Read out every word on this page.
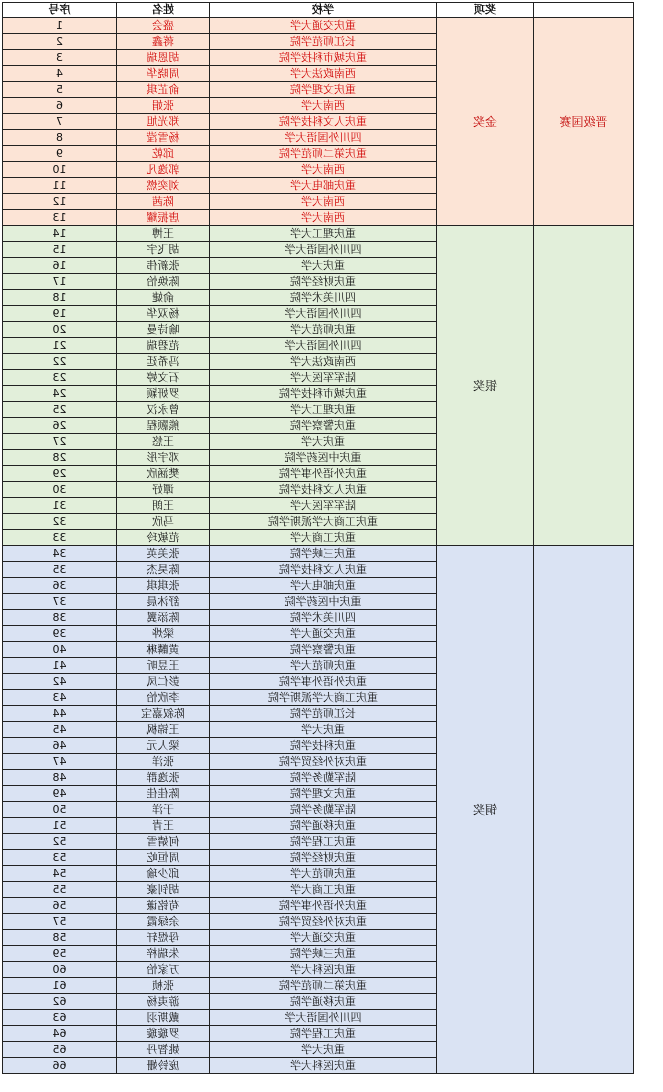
	奖项	学校	姓名	序号
晋级国赛	金奖	重庆交通大学	盛会	1
		长江师范学院	蒋鑫	2
		重庆城市科技学院	胡恩瑞	3
		西南政法大学	周晓华	4
		重庆文理学院	俞芷琪	5
		西南大学	张娟	6
		重庆人文科技学院	郑光旭	7
		四川外国语大学	杨雪滢	8
		重庆第二师范学院	邱乾	9
		西南大学	郭逸凡	10
		重庆邮电大学	刘奕燃	11
		西南大学	陈茜	12
		西南大学	唐振耀	13
	银奖	重庆理工大学	王博	14
		四川外国语大学	胡飞宇	15
		重庆大学	张新伟	16
		重庆财经学院	陈焕怡	17
		四川美术学院	俞婕	18
		四川外国语大学	杨双华	19
		重庆师范大学	喻诗曼	20
		四川外国语大学	范碧瑞	21
		西南政法大学	冯希廷	22
		陆军军医大学	石文婷	23
		重庆城市科技学院	罗妍颖	24
		重庆理工大学	曾永汉	25
		重庆警察学院	熊颢程	26
		重庆大学	王悠	27
		重庆中医药学院	邓宇彤	28
		重庆外语外事学院	樊涵欣	29
		重庆人文科技学院	谭妤	30
		陆军军医大学	王朗	31
		重庆工商大学派斯学院	马欣	32
		重庆工商大学	范敏玲	33
	铜奖	重庆三峡学院	张美英	34
		重庆人文科技学院	陈昊杰	35
		重庆邮电大学	张琪琪	36
		重庆中医药学院	舒沐晨	37
		四川美术学院	陈添翼	38
		重庆交通大学	梁烨	39
		重庆警察学院	黄麟琳	40
		重庆师范大学	王昱昕	41
		重庆外语外事学院	彭仁凤	42
		重庆工商大学派斯学院	李欣怡	43
		长江师范学院	陈叙嘉宝	44
		重庆大学	王锦枫	45
		重庆科技学院	梁人元	46
		重庆对外经贸学院	张洋	47
		陆军勤务学院	张逸群	48
		重庆文理学院	陈佳佳	49
		陆军勤务学院	于洋	50
		重庆移通学院	王青	51
		重庆工程学院	何婧雪	52
		重庆财经学院	周恒屹	53
		重庆师范大学	邱少瑜	54
		重庆工商大学	胡钊豪	55
		重庆外语外事学院	苟铭谦	56
		重庆对外经贸学院	余绿霞	57
		重庆交通大学	母煜轩	58
		重庆三峡学院	朱瑞梓	59
		重庆医科大学	万家怡	60
		重庆第二师范学院	张桢	61
		重庆移通学院	游夷杨	62
		四川外国语大学	戴斯羽	63
		重庆工程学院	罗璇璇	64
		重庆大学	姚智丹	65
		重庆医科大学	庞铃姗	66
